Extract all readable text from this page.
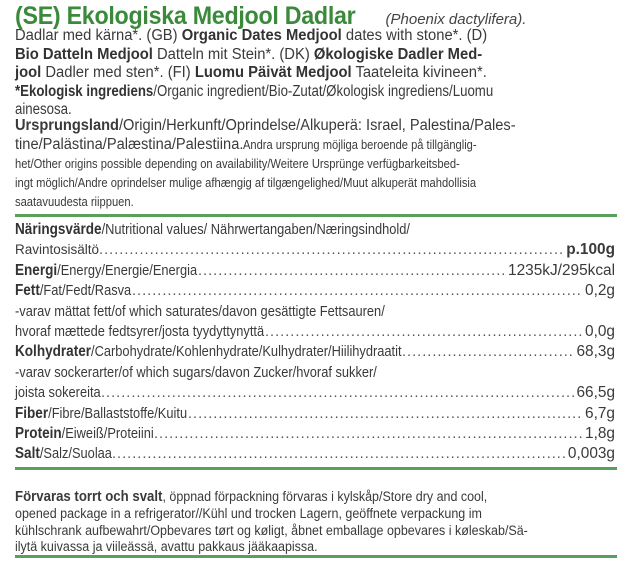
(SE) Ekologiska Medjool Dadlar (Phoenix dactylifera).
Dadlar med kärna*. (GB) Organic Dates Medjool dates with stone*. (D)
Bio Datteln Medjool Datteln mit Stein*. (DK) Økologiske Dadler Med-
jool Dadler med sten*. (FI) Luomu Päivät Medjool Taateleita kivineen*.
*Ekologisk ingrediens/Organic ingredient/Bio-Zutat/Økologisk ingrediens/Luomu
ainesosa.
Ursprungsland/Origin/Herkunft/Oprindelse/Alkuperä: Israel, Palestina/Pales-
tine/Palästina/Palæstina/Palestiina.Andra ursprung möjliga beroende på tillgänglig-
het/Other origins possible depending on availability/Weitere Ursprünge verfügbarkeitsbed-
ingt möglich/Andre oprindelser mulige afhængig af tilgængelighed/Muut alkuperät mahdollisia
saatavuudesta riippuen.
Näringsvärde/Nutritional values/ Nährwertangaben/Næringsindhold/
Ravintosisältö .....	p.100g
Energi/Energy/Energie/Energia .....	1235kJ/295kcal
Fett/Fat/Fedt/Rasva .....	0,2g
-varav mättat fett/of which saturates/davon gesättigte Fettsauren/
hvoraf mættede fedtsyrer/josta tyydyttynyttä .....	0,0g
Kolhydrater/Carbohydrate/Kohlenhydrate/Kulhydrater/Hiilihydraatit .....	68,3g
-varav sockerarter/of which sugars/davon Zucker/hvoraf sukker/
joista sokereita .....	66,5g
Fiber/Fibre/Ballaststoffe/Kuitu .....	6,7g
Protein/Eiweiß/Proteiini .....	1,8g
Salt/Salz/Suolaa .....	0,003g
Förvaras torrt och svalt, öppnad förpackning förvaras i kylskåp/Store dry and cool,
opened package in a refrigerator//Kühl und trocken Lagern, geöffnete verpackung im
kühlschrank aufbewahrt/Opbevares tørt og køligt, åbnet emballage opbevares i køleskab/Sä-
ilytä kuivassa ja viileässä, avattu pakkaus jääkaapissa.
